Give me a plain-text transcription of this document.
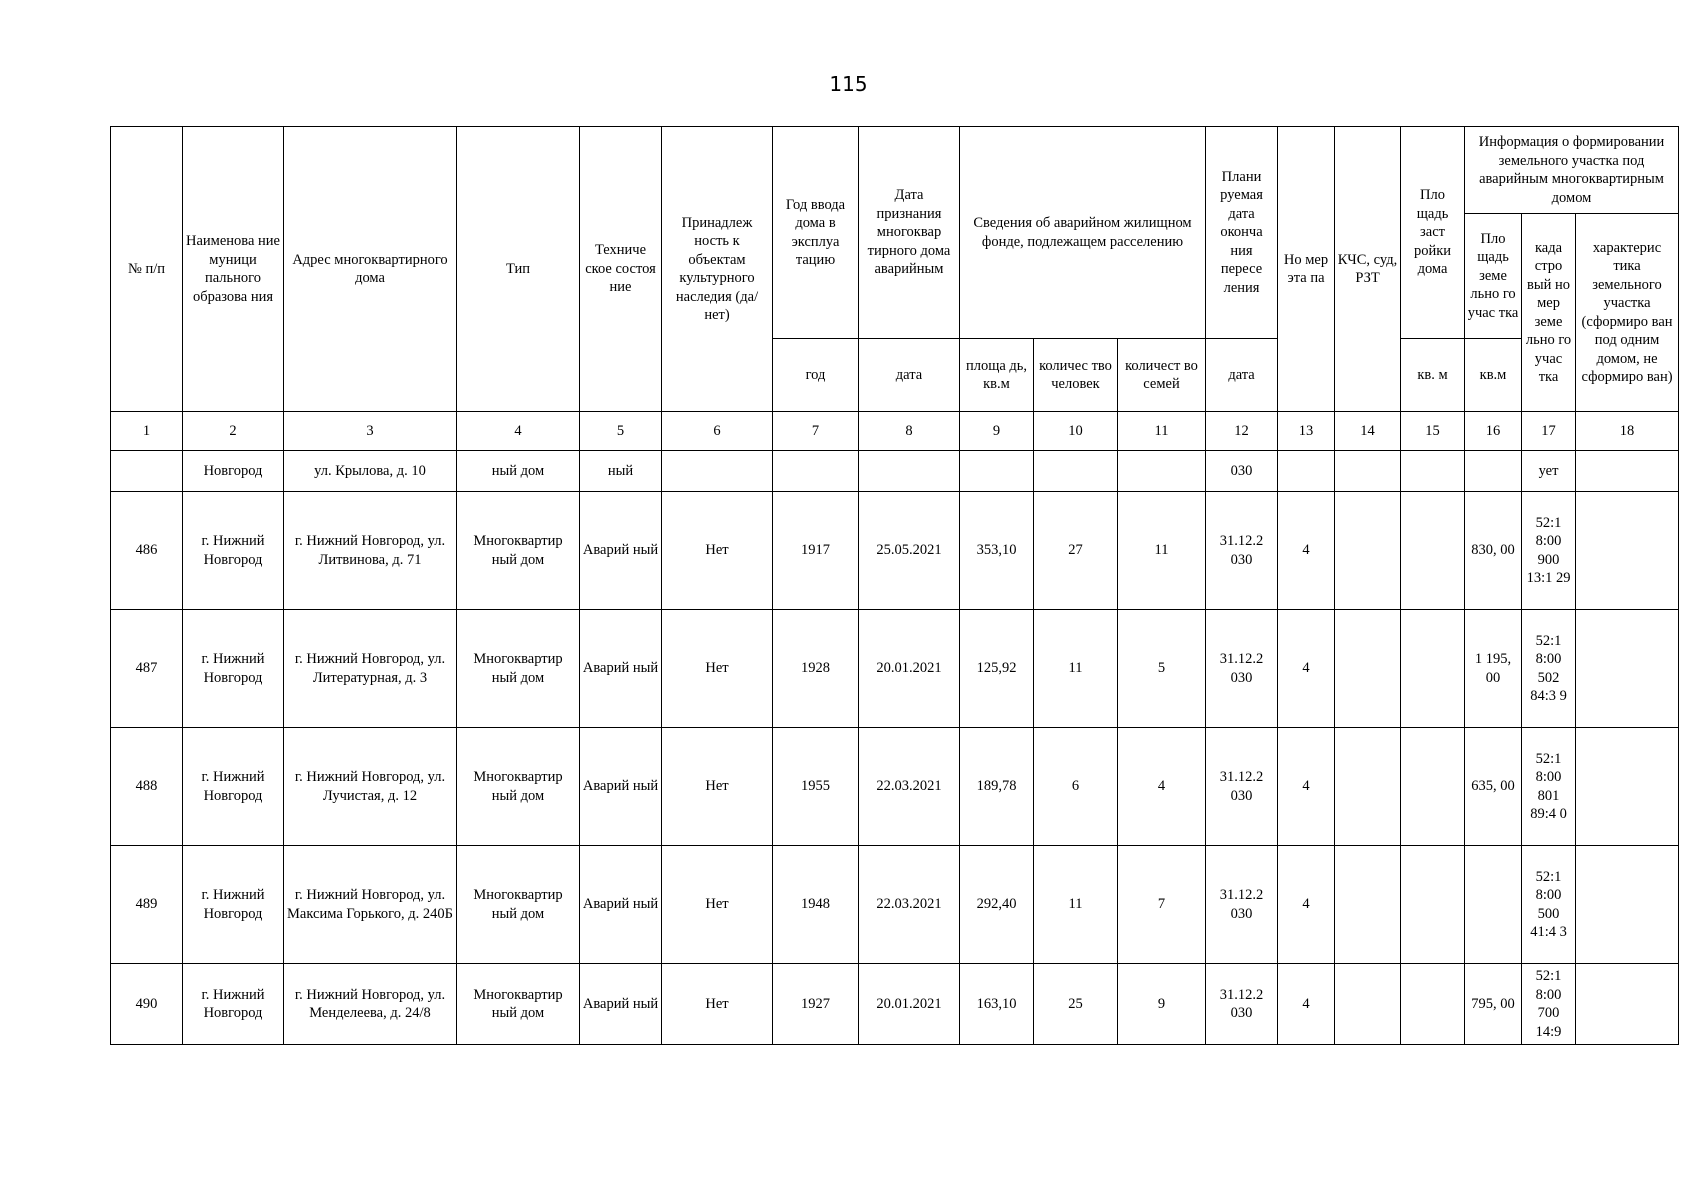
115
№ п/п	Наименова ние муници пального образова ния	Адрес многоквартирного дома	Тип	Техниче ское состоя ние	Принадлеж ность к объектам культурного наследия (да/нет)	Год ввода дома в эксплуа тацию	Дата признания многоквар тирного дома аварийным	Сведения об аварийном жилищном фонде, подлежащем расселению			Плани руемая дата оконча ния пересе ления	Но мер эта па	КЧС, суд, РЗТ	Пло щадь заст ройки дома	Информация о формировании земельного участка под аварийным многоквартирным домом		
															Пло щадь земе льно го учас тка	када стро вый но мер земе льно го учас тка	характерис тика земельного участка (сформиро ван под одним домом, не сформиро ван)
						год	дата	площа дь, кв.м	количес тво человек	количест во семей	дата			кв. м	кв.м		
1	2	3	4	5	6	7	8	9	10	11	12	13	14	15	16	17	18
	Новгород	ул. Крылова, д. 10	ный дом	ный							030					ует	
486	г. Нижний Новгород	г. Нижний Новгород, ул. Литвинова, д. 71	Многоквартир ный дом	Аварий ный	Нет	1917	25.05.2021	353,10	27	11	31.12.2 030	4			830, 00	52:1 8:00 900 13:1 29	
487	г. Нижний Новгород	г. Нижний Новгород, ул. Литературная, д. 3	Многоквартир ный дом	Аварий ный	Нет	1928	20.01.2021	125,92	11	5	31.12.2 030	4			1 195, 00	52:1 8:00 502 84:3 9	
488	г. Нижний Новгород	г. Нижний Новгород, ул. Лучистая, д. 12	Многоквартир ный дом	Аварий ный	Нет	1955	22.03.2021	189,78	6	4	31.12.2 030	4			635, 00	52:1 8:00 801 89:4 0	
489	г. Нижний Новгород	г. Нижний Новгород, ул. Максима Горького, д. 240Б	Многоквартир ный дом	Аварий ный	Нет	1948	22.03.2021	292,40	11	7	31.12.2 030	4				52:1 8:00 500 41:4 3	
490	г. Нижний Новгород	г. Нижний Новгород, ул. Менделеева, д. 24/8	Многоквартир ный дом	Аварий ный	Нет	1927	20.01.2021	163,10	25	9	31.12.2 030	4			795, 00	52:1 8:00 700 14:9	
